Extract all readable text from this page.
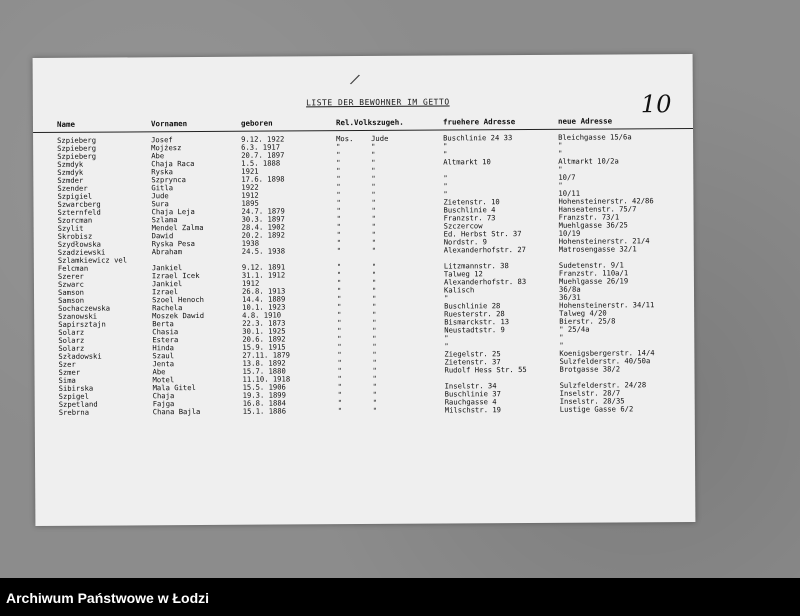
/
LISTE DER BEWOHNER IM GETTO	10
Name	Vornamen	geboren	Rel.Volkszugeh.	fruehere Adresse	neue Adresse
Szpieberg	Josef	9.12. 1922	Mos. Jude	Buschlinie 24 33	Bleichgasse 15/6a
Szpieberg	Mojżesz	6.3. 1917	"	"	"	"
Szpieberg	Abe	20.7. 1897	"	"	"	"
Szmdyk	Chaja Raca	1.5. 1888	"	"	Altmarkt 10	Altmarkt 10/2a
Szmdyk	Ryska	1921	"	"	"
Szmder	Szprynca	17.6. 1898	"	"	"	10/7
Szender	Gitla	1922	"	"	"	"
Szpigiel	Jude	1912	"	"	"	10/11
Szwarcberg	Sura	1895	"	"	Zietenstr. 10	Hohensteinerstr. 42/86
Szternfeld	Chaja Leja	24.7. 1879	"	"	Buschlinie 4	Hanseatenstr. 75/7
Szorcman	Szlama	30.3. 1897	"	"	Franzstr. 73	Franzstr. 73/1
Szylit	Mendel Zalma	28.4. 1902	"	"	Szczercow	Muehlgasse 36/25
Skrobisz	Dawid	20.2. 1892	"	"	Ed. Herbst Str. 37	10/19
Szydłowska	Ryska Pesa	1938	"	"	Nordstr. 9	Hohensteinerstr. 21/4
Szadziewski	Abraham	24.5. 1938	"	"	Alexanderhofstr. 27	Matrosengasse 32/1
Szlamkiewicz vel
Felcman	Jankiel	9.12. 1891	"	"	Litzmannstr. 38	Sudetenstr. 9/1
Szerer	Izrael Icek	31.1. 1912	"	"	Talweg 12	Franzstr. 110a/1
Szwarc	Jankiel	1912	"	"	Alexanderhofstr. 83	Muehlgasse 26/19
Samson	Izrael	26.8. 1913	"	"	Kalisch	36/8a
Samson	Szoel Henoch	14.4. 1889	"	"	"	36/31
Sochaczewska	Rachela	10.1. 1923	"	"	Buschlinie 28	Hohensteinerstr. 34/11
Szanowski	Moszek Dawid	4.8. 1910	"	"	Ruesterstr. 28	Talweg 4/20
Sapirsztajn	Berta	22.3. 1873	"	"	Bismarckstr. 13	Bierstr. 25/8
Solarz	Chasia	30.1. 1925	"	"	Neustadtstr. 9	" 25/4a
Solarz	Estera	20.6. 1892	"	"	"	"
Solarz	Hinda	15.9. 1915	"	"	"	"
Szładowski	Szaul	27.11. 1879	"	"	Ziegelstr. 25	Koenigsbergerstr. 14/4
Szer	Jenta	13.8. 1892	"	"	Zietenstr. 37	Sulzfelderstr. 40/50a
Szmer	Abe	15.7. 1880	"	"	Rudolf Hess Str. 55	Brotgasse 38/2
Sima	Motel	11.10. 1918	"	"
Sibirska	Mala Gitel	15.5. 1906	"	"	Inselstr. 34	Sulzfelderstr. 24/28
Szpigel	Chaja	19.3. 1899	"	"	Buschlinie 37	Inselstr. 28/7
Szpetland	Fajga	16.8. 1884	"	"	Rauchgasse 4	Inselstr. 28/35
Srebrna	Chana Bajla	15.1. 1886	"	"	Milschstr. 19	Lustige Gasse 6/2
Archiwum Państwowe w Łodzi
